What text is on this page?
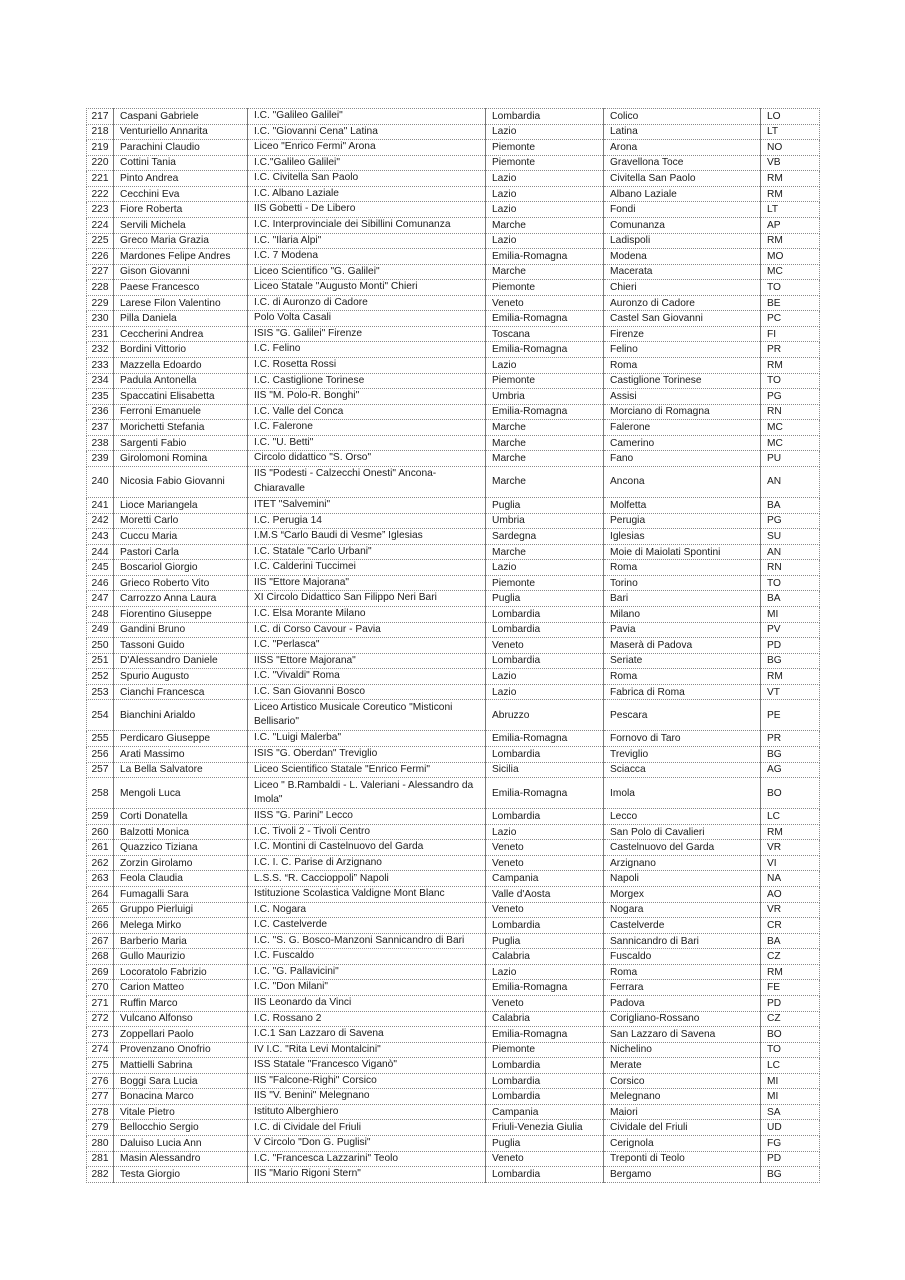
217	Caspani Gabriele	I.C. "Galileo Galilei"	Lombardia	Colico	LO
218	Venturiello Annarita	I.C. "Giovanni Cena" Latina	Lazio	Latina	LT
219	Parachini Claudio	Liceo "Enrico Fermi" Arona	Piemonte	Arona	NO
220	Cottini Tania	I.C."Galileo Galilei"	Piemonte	Gravellona Toce	VB
221	Pinto Andrea	I.C. Civitella San Paolo	Lazio	Civitella San Paolo	RM
222	Cecchini Eva	I.C. Albano Laziale	Lazio	Albano Laziale	RM
223	Fiore Roberta	IIS Gobetti - De Libero	Lazio	Fondi	LT
224	Servili Michela	I.C. Interprovinciale dei Sibillini Comunanza	Marche	Comunanza	AP
225	Greco Maria Grazia	I.C. "Ilaria Alpi"	Lazio	Ladispoli	RM
226	Mardones Felipe Andres	I.C. 7 Modena	Emilia-Romagna	Modena	MO
227	Gison Giovanni	Liceo Scientifico "G. Galilei"	Marche	Macerata	MC
228	Paese Francesco	Liceo Statale "Augusto Monti" Chieri	Piemonte	Chieri	TO
229	Larese Filon Valentino	I.C. di Auronzo di Cadore	Veneto	Auronzo di Cadore	BE
230	Pilla Daniela	Polo Volta Casali	Emilia-Romagna	Castel San Giovanni	PC
231	Ceccherini Andrea	ISIS "G. Galilei" Firenze	Toscana	Firenze	FI
232	Bordini Vittorio	I.C. Felino	Emilia-Romagna	Felino	PR
233	Mazzella Edoardo	I.C. Rosetta Rossi	Lazio	Roma	RM
234	Padula Antonella	I.C. Castiglione Torinese	Piemonte	Castiglione Torinese	TO
235	Spaccatini Elisabetta	IIS "M. Polo-R. Bonghi"	Umbria	Assisi	PG
236	Ferroni Emanuele	I.C. Valle del Conca	Emilia-Romagna	Morciano di Romagna	RN
237	Morichetti Stefania	I.C. Falerone	Marche	Falerone	MC
238	Sargenti Fabio	I.C. "U. Betti"	Marche	Camerino	MC
239	Girolomoni Romina	Circolo didattico "S. Orso"	Marche	Fano	PU
240	Nicosia Fabio Giovanni	IIS "Podesti - Calzecchi Onesti" Ancona-Chiaravalle	Marche	Ancona	AN
241	Lioce Mariangela	ITET "Salvemini"	Puglia	Molfetta	BA
242	Moretti Carlo	I.C. Perugia 14	Umbria	Perugia	PG
243	Cuccu Maria	I.M.S “Carlo Baudi di Vesme” Iglesias	Sardegna	Iglesias	SU
244	Pastori Carla	I.C. Statale "Carlo Urbani"	Marche	Moie di Maiolati Spontini	AN
245	Boscariol Giorgio	I.C. Calderini Tuccimei	Lazio	Roma	RN
246	Grieco Roberto Vito	IIS "Ettore Majorana"	Piemonte	Torino	TO
247	Carrozzo Anna Laura	XI Circolo Didattico San Filippo Neri Bari	Puglia	Bari	BA
248	Fiorentino Giuseppe	I.C. Elsa Morante Milano	Lombardia	Milano	MI
249	Gandini Bruno	I.C. di Corso Cavour - Pavia	Lombardia	Pavia	PV
250	Tassoni Guido	I.C. "Perlasca"	Veneto	Maserà di Padova	PD
251	D'Alessandro Daniele	IISS "Ettore Majorana"	Lombardia	Seriate	BG
252	Spurio Augusto	I.C. "Vivaldi" Roma	Lazio	Roma	RM
253	Cianchi Francesca	I.C. San Giovanni Bosco	Lazio	Fabrica di Roma	VT
254	Bianchini Arialdo	Liceo Artistico Musicale Coreutico "Misticoni Bellisario"	Abruzzo	Pescara	PE
255	Perdicaro Giuseppe	I.C. "Luigi Malerba"	Emilia-Romagna	Fornovo di Taro	PR
256	Arati Massimo	ISIS "G. Oberdan" Treviglio	Lombardia	Treviglio	BG
257	La Bella Salvatore	Liceo Scientifico Statale "Enrico Fermi"	Sicilia	Sciacca	AG
258	Mengoli Luca	Liceo " B.Rambaldi - L. Valeriani - Alessandro da Imola"	Emilia-Romagna	Imola	BO
259	Corti Donatella	IISS "G. Parini" Lecco	Lombardia	Lecco	LC
260	Balzotti Monica	I.C. Tivoli 2 - Tivoli Centro	Lazio	San Polo di Cavalieri	RM
261	Quazzico Tiziana	I.C. Montini di Castelnuovo del Garda	Veneto	Castelnuovo del Garda	VR
262	Zorzin Girolamo	I.C. I. C. Parise di Arzignano	Veneto	Arzignano	VI
263	Feola Claudia	L.S.S. “R. Caccioppoli” Napoli	Campania	Napoli	NA
264	Fumagalli Sara	Istituzione Scolastica Valdigne Mont Blanc	Valle d'Aosta	Morgex	AO
265	Gruppo Pierluigi	I.C. Nogara	Veneto	Nogara	VR
266	Melega Mirko	I.C. Castelverde	Lombardia	Castelverde	CR
267	Barberio Maria	I.C. "S. G. Bosco-Manzoni Sannicandro di Bari	Puglia	Sannicandro di Bari	BA
268	Gullo Maurizio	I.C. Fuscaldo	Calabria	Fuscaldo	CZ
269	Locoratolo Fabrizio	I.C. "G. Pallavicini"	Lazio	Roma	RM
270	Carion Matteo	I.C. "Don Milani"	Emilia-Romagna	Ferrara	FE
271	Ruffin Marco	IIS Leonardo da Vinci	Veneto	Padova	PD
272	Vulcano Alfonso	I.C. Rossano 2	Calabria	Corigliano-Rossano	CZ
273	Zoppellari Paolo	I.C.1 San Lazzaro di Savena	Emilia-Romagna	San Lazzaro di Savena	BO
274	Provenzano Onofrio	IV I.C. "Rita Levi Montalcini"	Piemonte	Nichelino	TO
275	Mattielli Sabrina	ISS Statale "Francesco Viganò"	Lombardia	Merate	LC
276	Boggi Sara Lucia	IIS "Falcone-Righi" Corsico	Lombardia	Corsico	MI
277	Bonacina Marco	IIS "V. Benini" Melegnano	Lombardia	Melegnano	MI
278	Vitale Pietro	Istituto Alberghiero	Campania	Maiori	SA
279	Bellocchio Sergio	I.C. di Cividale del Friuli	Friuli-Venezia Giulia	Cividale del Friuli	UD
280	Daluiso Lucia Ann	V Circolo "Don G. Puglisi"	Puglia	Cerignola	FG
281	Masin Alessandro	I.C. "Francesca Lazzarini" Teolo	Veneto	Treponti di Teolo	PD
282	Testa Giorgio	IIS "Mario Rigoni Stern"	Lombardia	Bergamo	BG
